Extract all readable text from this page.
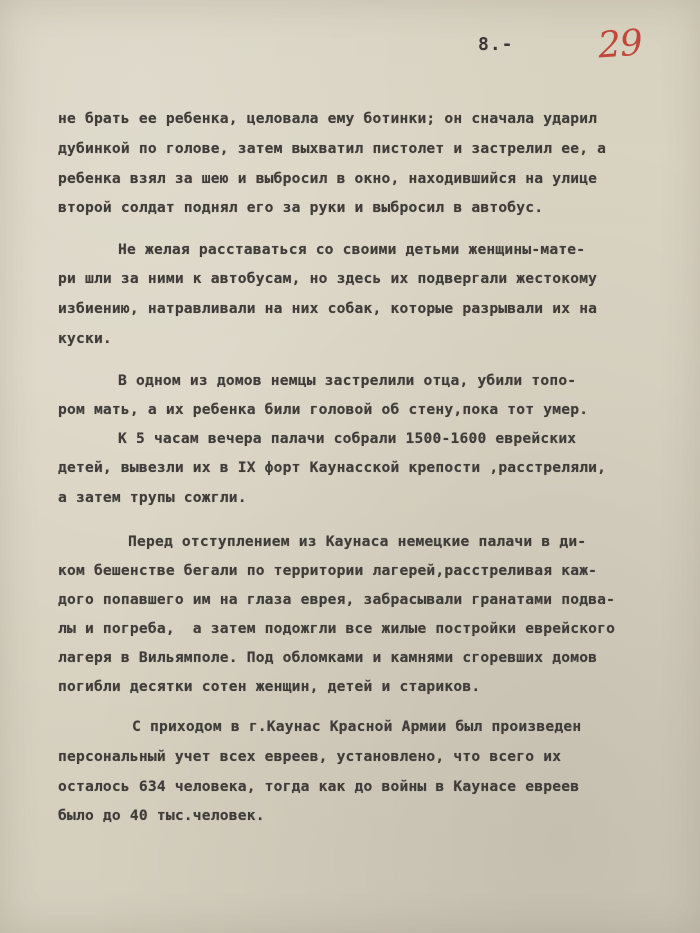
8.- 29
не брать ее ребенка, целовала ему ботинки; он сначала ударил
дубинкой по голове, затем выхватил пистолет и застрелил ее, а
ребенка взял за шею и выбросил в окно, находившийся на улице
второй солдат поднял его за руки и выбросил в автобус.
Не желая расставаться со своими детьми женщины-мате-
ри шли за ними к автобусам, но здесь их подвергали жестокому
избиению, натравливали на них собак, которые разрывали их на
куски.
В одном из домов немцы застрелили отца, убили топо-
ром мать, а их ребенка били головой об стену,пока тот умер.
К 5 часам вечера палачи собрали 1500-1600 еврейских
детей, вывезли их в IX форт Каунасской крепости ,расстреляли,
а затем трупы сожгли.
Перед отступлением из Каунаса немецкие палачи в ди-
ком бешенстве бегали по территории лагерей,расстреливая каж-
дого попавшего им на глаза еврея, забрасывали гранатами подва-
лы и погреба,  а затем подожгли все жилые постройки еврейского
лагеря в Вильямполе. Под обломками и камнями сгоревших домов
погибли десятки сотен женщин, детей и стариков.
С приходом в г.Каунас Красной Армии был произведен
персональный учет всех евреев, установлено, что всего их
осталось 634 человека, тогда как до войны в Каунасе евреев
было до 40 тыс.человек.
